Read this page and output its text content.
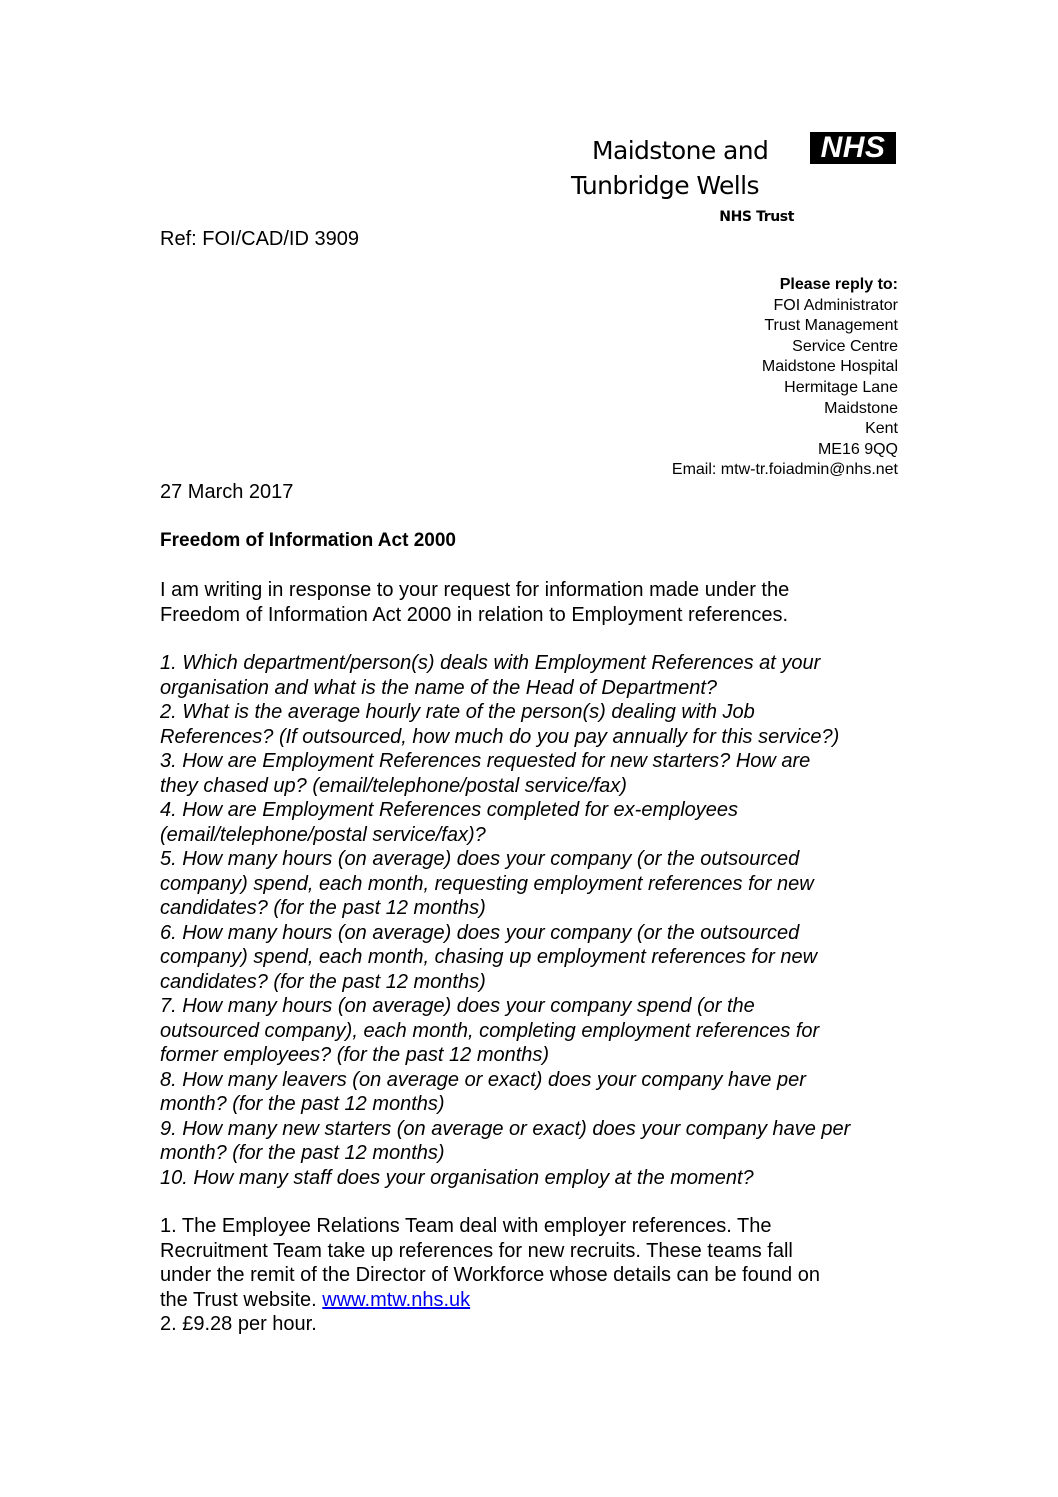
Maidstone and	NHS
Tunbridge Wells
NHS Trust
Ref: FOI/CAD/ID 3909
Please reply to:
FOI Administrator
Trust Management
Service Centre
Maidstone Hospital
Hermitage Lane
Maidstone
Kent
ME16 9QQ
Email: mtw-tr.foiadmin@nhs.net
27 March 2017
Freedom of Information Act 2000
I am writing in response to your request for information made under the
Freedom of Information Act 2000 in relation to Employment references.
1. Which department/person(s) deals with Employment References at your
organisation and what is the name of the Head of Department?
2. What is the average hourly rate of the person(s) dealing with Job
References? (If outsourced, how much do you pay annually for this service?)
3. How are Employment References requested for new starters? How are
they chased up? (email/telephone/postal service/fax)
4. How are Employment References completed for ex-employees
(email/telephone/postal service/fax)?
5. How many hours (on average) does your company (or the outsourced
company) spend, each month, requesting employment references for new
candidates? (for the past 12 months)
6. How many hours (on average) does your company (or the outsourced
company) spend, each month, chasing up employment references for new
candidates? (for the past 12 months)
7. How many hours (on average) does your company spend (or the
outsourced company), each month, completing employment references for
former employees? (for the past 12 months)
8. How many leavers (on average or exact) does your company have per
month? (for the past 12 months)
9. How many new starters (on average or exact) does your company have per
month? (for the past 12 months)
10. How many staff does your organisation employ at the moment?
1. The Employee Relations Team deal with employer references. The
Recruitment Team take up references for new recruits. These teams fall
under the remit of the Director of Workforce whose details can be found on
the Trust website. www.mtw.nhs.uk
2. £9.28 per hour.
